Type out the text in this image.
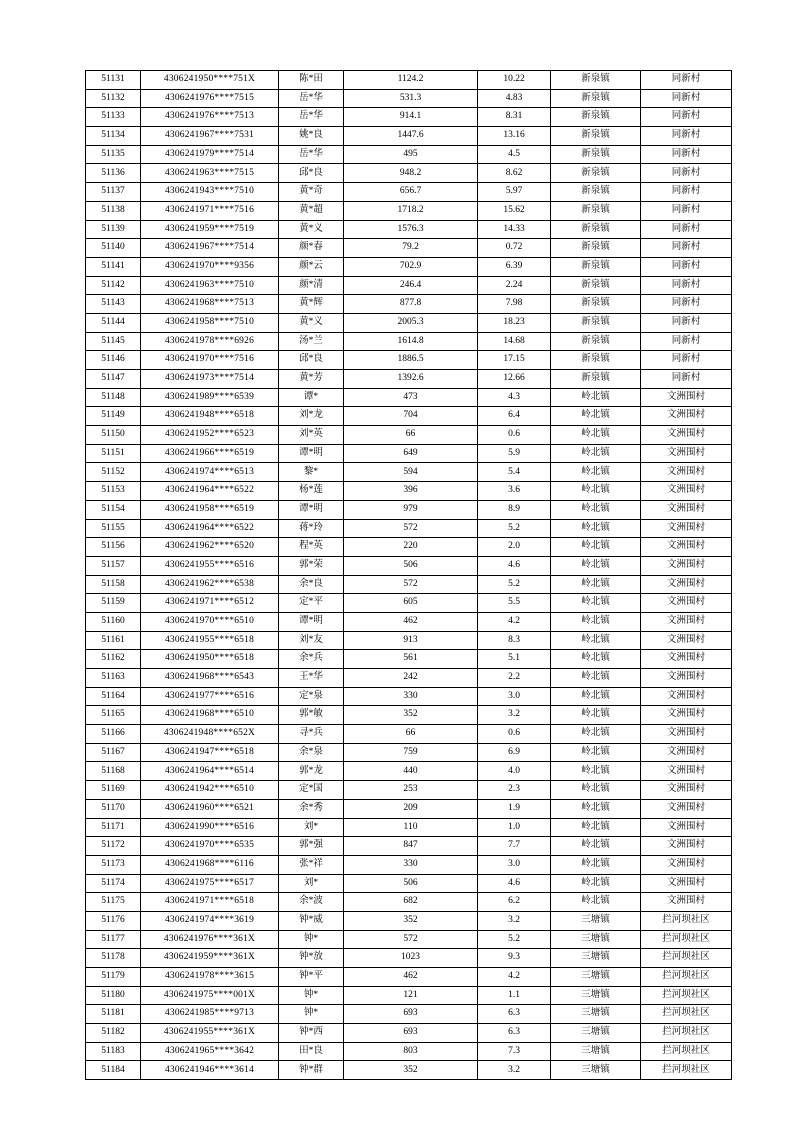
51131	4306241950****751X	陈*田	1124.2	10.22	新泉镇	同新村
51132	4306241976****7515	岳*华	531.3	4.83	新泉镇	同新村
51133	4306241976****7513	岳*华	914.1	8.31	新泉镇	同新村
51134	4306241967****7531	姚*良	1447.6	13.16	新泉镇	同新村
51135	4306241979****7514	岳*华	495	4.5	新泉镇	同新村
51136	4306241963****7515	邱*良	948.2	8.62	新泉镇	同新村
51137	4306241943****7510	黄*奇	656.7	5.97	新泉镇	同新村
51138	4306241971****7516	黄*超	1718.2	15.62	新泉镇	同新村
51139	4306241959****7519	黄*义	1576.3	14.33	新泉镇	同新村
51140	4306241967****7514	颜*春	79.2	0.72	新泉镇	同新村
51141	4306241970****9356	颜*云	702.9	6.39	新泉镇	同新村
51142	4306241963****7510	颜*清	246.4	2.24	新泉镇	同新村
51143	4306241968****7513	黄*辉	877.8	7.98	新泉镇	同新村
51144	4306241958****7510	黄*义	2005.3	18.23	新泉镇	同新村
51145	4306241978****6926	汤*兰	1614.8	14.68	新泉镇	同新村
51146	4306241970****7516	邱*良	1886.5	17.15	新泉镇	同新村
51147	4306241973****7514	黄*芳	1392.6	12.66	新泉镇	同新村
51148	4306241989****6539	谭*	473	4.3	岭北镇	文洲围村
51149	4306241948****6518	刘*龙	704	6.4	岭北镇	文洲围村
51150	4306241952****6523	刘*英	66	0.6	岭北镇	文洲围村
51151	4306241966****6519	谭*明	649	5.9	岭北镇	文洲围村
51152	4306241974****6513	黎*	594	5.4	岭北镇	文洲围村
51153	4306241964****6522	杨*莲	396	3.6	岭北镇	文洲围村
51154	4306241958****6519	谭*明	979	8.9	岭北镇	文洲围村
51155	4306241964****6522	蒋*玲	572	5.2	岭北镇	文洲围村
51156	4306241962****6520	程*英	220	2.0	岭北镇	文洲围村
51157	4306241955****6516	郭*荣	506	4.6	岭北镇	文洲围村
51158	4306241962****6538	余*良	572	5.2	岭北镇	文洲围村
51159	4306241971****6512	定*平	605	5.5	岭北镇	文洲围村
51160	4306241970****6510	谭*明	462	4.2	岭北镇	文洲围村
51161	4306241955****6518	刘*友	913	8.3	岭北镇	文洲围村
51162	4306241950****6518	余*兵	561	5.1	岭北镇	文洲围村
51163	4306241968****6543	王*华	242	2.2	岭北镇	文洲围村
51164	4306241977****6516	定*泉	330	3.0	岭北镇	文洲围村
51165	4306241968****6510	郭*敏	352	3.2	岭北镇	文洲围村
51166	4306241948****652X	寻*兵	66	0.6	岭北镇	文洲围村
51167	4306241947****6518	余*泉	759	6.9	岭北镇	文洲围村
51168	4306241964****6514	郭*龙	440	4.0	岭北镇	文洲围村
51169	4306241942****6510	定*国	253	2.3	岭北镇	文洲围村
51170	4306241960****6521	余*秀	209	1.9	岭北镇	文洲围村
51171	4306241990****6516	刘*	110	1.0	岭北镇	文洲围村
51172	4306241970****6535	郭*强	847	7.7	岭北镇	文洲围村
51173	4306241968****6116	张*祥	330	3.0	岭北镇	文洲围村
51174	4306241975****6517	刘*	506	4.6	岭北镇	文洲围村
51175	4306241971****6518	余*波	682	6.2	岭北镇	文洲围村
51176	4306241974****3619	钟*威	352	3.2	三塘镇	拦河坝社区
51177	4306241976****361X	钟*	572	5.2	三塘镇	拦河坝社区
51178	4306241959****361X	钟*放	1023	9.3	三塘镇	拦河坝社区
51179	4306241978****3615	钟*平	462	4.2	三塘镇	拦河坝社区
51180	4306241975****001X	钟*	121	1.1	三塘镇	拦河坝社区
51181	4306241985****9713	钟*	693	6.3	三塘镇	拦河坝社区
51182	4306241955****361X	钟*西	693	6.3	三塘镇	拦河坝社区
51183	4306241965****3642	田*良	803	7.3	三塘镇	拦河坝社区
51184	4306241946****3614	钟*群	352	3.2	三塘镇	拦河坝社区
